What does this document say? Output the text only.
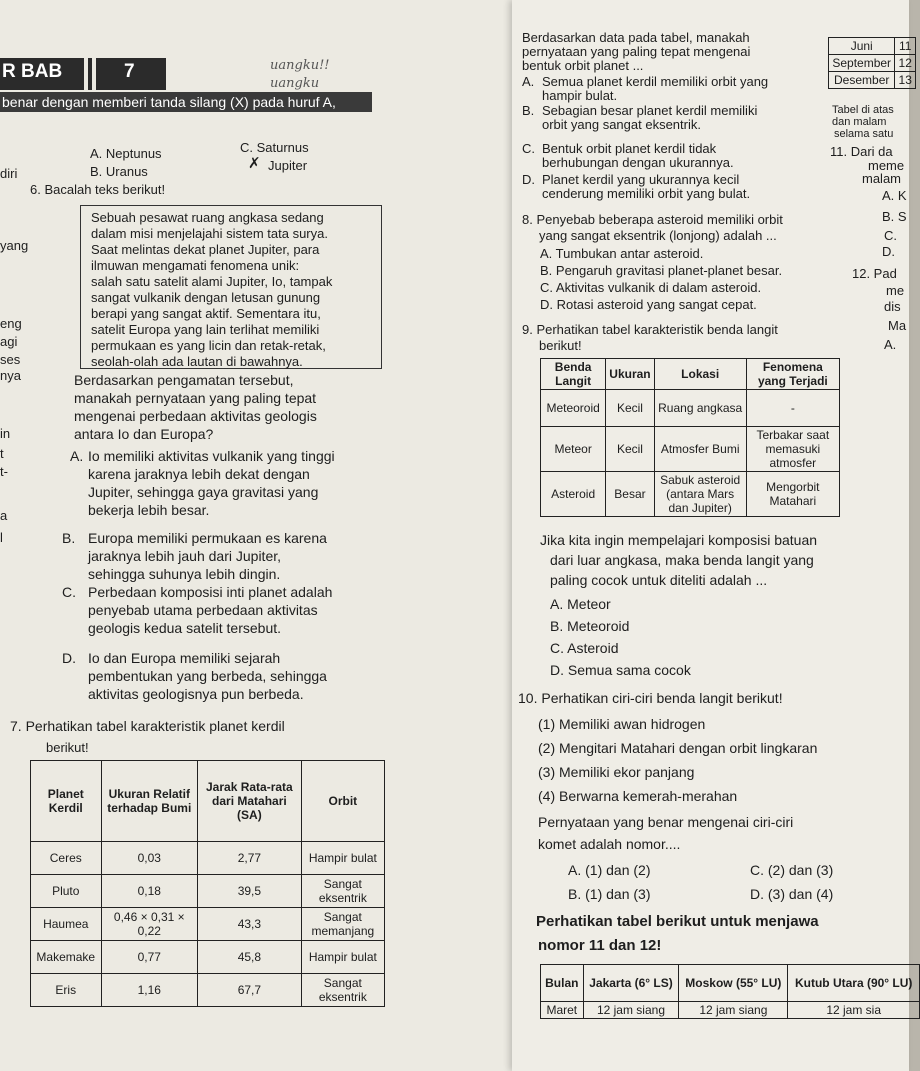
R BAB	7	uangku!!
uangku
benar dengan memberi tanda silang (X) pada huruf A,
A. Neptunus	C. Saturnus
B. Uranus	✗ Jupiter
diri
6. Bacalah teks berikut!
Sebuah pesawat ruang angkasa sedang
dalam misi menjelajahi sistem tata surya.
Saat melintas dekat planet Jupiter, para
ilmuwan mengamati fenomena unik:
salah satu satelit alami Jupiter, Io, tampak
sangat vulkanik dengan letusan gunung
berapi yang sangat aktif. Sementara itu,
satelit Europa yang lain terlihat memiliki
permukaan es yang licin dan retak-retak,
seolah-olah ada lautan di bawahnya.
Berdasarkan pengamatan tersebut,
manakah pernyataan yang paling tepat
mengenai perbedaan aktivitas geologis
antara Io dan Europa?
A. Io memiliki aktivitas vulkanik yang tinggi
karena jaraknya lebih dekat dengan
Jupiter, sehingga gaya gravitasi yang
bekerja lebih besar.
B. Europa memiliki permukaan es karena
jaraknya lebih jauh dari Jupiter,
sehingga suhunya lebih dingin.
C. Perbedaan komposisi inti planet adalah
penyebab utama perbedaan aktivitas
geologis kedua satelit tersebut.
D. Io dan Europa memiliki sejarah
pembentukan yang berbeda, sehingga
aktivitas geologisnya pun berbeda.
yang
eng
agi
ses
nya
in
t
t-
a
l
7. Perhatikan tabel karakteristik planet kerdil
berikut!
Planet Kerdil	Ukuran Relatif terhadap Bumi	Jarak Rata-rata dari Matahari (SA)	Orbit
Ceres	0,03	2,77	Hampir bulat
Pluto	0,18	39,5	Sangat eksentrik
Haumea	0,46 × 0,31 × 0,22	43,3	Sangat memanjang
Makemake	0,77	45,8	Hampir bulat
Eris	1,16	67,7	Sangat eksentrik
Berdasarkan data pada tabel, manakah
pernyataan yang paling tepat mengenai
bentuk orbit planet ...
A. Semua planet kerdil memiliki orbit yang
hampir bulat.
B. Sebagian besar planet kerdil memiliki
orbit yang sangat eksentrik.
C. Bentuk orbit planet kerdil tidak
berhubungan dengan ukurannya.
D. Planet kerdil yang ukurannya kecil
cenderung memiliki orbit yang bulat.
Juni	11
September	12
Desember	13
Tabel di atas
dan malam
selama satu
11. Dari da
meme
malam
A. K
B. S
C.
D.
12. Pad
me
dis
Ma
A.
8. Penyebab beberapa asteroid memiliki orbit
yang sangat eksentrik (lonjong) adalah ...
A. Tumbukan antar asteroid.
B. Pengaruh gravitasi planet-planet besar.
C. Aktivitas vulkanik di dalam asteroid.
D. Rotasi asteroid yang sangat cepat.
9. Perhatikan tabel karakteristik benda langit
berikut!
Benda Langit	Ukuran	Lokasi	Fenomena yang Terjadi
Meteoroid	Kecil	Ruang angkasa	-
Meteor	Kecil	Atmosfer Bumi	Terbakar saat memasuki atmosfer
Asteroid	Besar	Sabuk asteroid (antara Mars dan Jupiter)	Mengorbit Matahari
Jika kita ingin mempelajari komposisi batuan
dari luar angkasa, maka benda langit yang
paling cocok untuk diteliti adalah ...
A. Meteor
B. Meteoroid
C. Asteroid
D. Semua sama cocok
10. Perhatikan ciri-ciri benda langit berikut!
(1) Memiliki awan hidrogen
(2) Mengitari Matahari dengan orbit lingkaran
(3) Memiliki ekor panjang
(4) Berwarna kemerah-merahan
Pernyataan yang benar mengenai ciri-ciri
komet adalah nomor....
A. (1) dan (2)	C. (2) dan (3)
B. (1) dan (3)	D. (3) dan (4)
Perhatikan tabel berikut untuk menjawa
nomor 11 dan 12!
Bulan	Jakarta (6° LS)	Moskow (55° LU)	Kutub Utara (90° LU)
Maret	12 jam siang	12 jam siang	12 jam sia
